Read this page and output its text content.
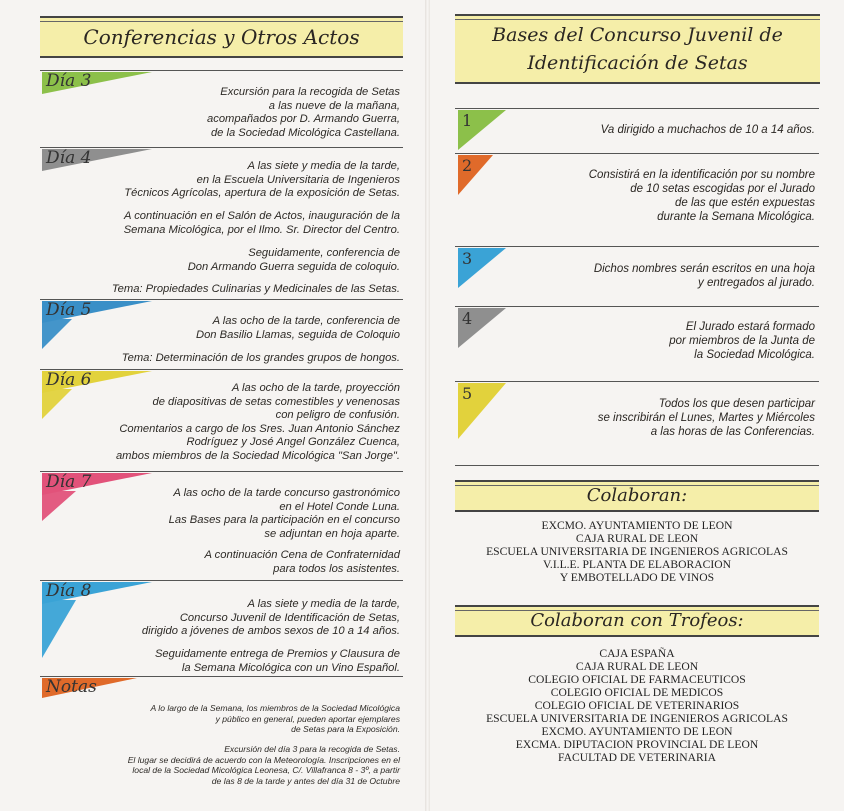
Conferencias y Otros Actos	Bases del Concurso Juvenil de
Identificación de Setas
Día 3

Excursión para la recogida de Setas
a las nueve de la mañana,
acompañados por D. Armando Guerra,
de la Sociedad Micológica Castellana.

Día 4	A las siete y media de la tarde,
en la Escuela Universitaria de Ingenieros
Técnicos Agrícolas, apertura de la exposición de Setas.

A continuación en el Salón de Actos, inauguración de la
Semana Micológica, por el Ilmo. Sr. Director del Centro.

Seguidamente, conferencia de
Don Armando Guerra seguida de coloquio.

Tema: Propiedades Culinarias y Medicinales de las Setas.

Día 5

A las ocho de la tarde, conferencia de
Don Basilio Llamas, seguida de Coloquio

Tema: Determinación de los grandes grupos de hongos.

Día 6	A las ocho de la tarde, proyección
de diapositivas de setas comestibles y venenosas
con peligro de confusión.
Comentarios a cargo de los Sres. Juan Antonio Sánchez
Rodríguez y José Angel González Cuenca,
ambos miembros de la Sociedad Micológica "San Jorge".

Día 7

A las ocho de la tarde concurso gastronómico
en el Hotel Conde Luna.
Las Bases para la participación en el concurso
se adjuntan en hoja aparte.

A continuación Cena de Confraternidad
para todos los asistentes.

Día 8

A las siete y media de la tarde,
Concurso Juvenil de Identificación de Setas,
dirigido a jóvenes de ambos sexos de 10 a 14 años.

Seguidamente entrega de Premios y Clausura de
la Semana Micológica con un Vino Español.

Notas

A lo largo de la Semana, los miembros de la Sociedad Micológica
y público en general, pueden aportar ejemplares
de Setas para la Exposición.

Excursión del día 3 para la recogida de Setas.
El lugar se decidirá de acuerdo con la Meteorología. Inscripciones en el
local de la Sociedad Micológica Leonesa, C/. Villafranca 8 - 3º, a partir
de las 8 de la tarde y antes del día 31 de Octubre

1	Va dirigido a muchachos de 10 a 14 años.

2	Consistirá en la identificación por su nombre
de 10 setas escogidas por el Jurado
de las que estén expuestas
durante la Semana Micológica.

3

Dichos nombres serán escritos en una hoja
y entregados al jurado.

4	El Jurado estará formado
por miembros de la Junta de
la Sociedad Micológica.

5

Todos los que desen participar
se inscribirán el Lunes, Martes y Miércoles
a las horas de las Conferencias.

Colaboran:
EXCMO. AYUNTAMIENTO DE LEON
CAJA RURAL DE LEON
ESCUELA UNIVERSITARIA DE INGENIEROS AGRICOLAS
V.I.L.E. PLANTA DE ELABORACION
Y EMBOTELLADO DE VINOS
Colaboran con Trofeos:
CAJA ESPAÑA
CAJA RURAL DE LEON
COLEGIO OFICIAL DE FARMACEUTICOS
COLEGIO OFICIAL DE MEDICOS
COLEGIO OFICIAL DE VETERINARIOS
ESCUELA UNIVERSITARIA DE INGENIEROS AGRICOLAS
EXCMO. AYUNTAMIENTO DE LEON
EXCMA. DIPUTACION PROVINCIAL DE LEON
FACULTAD DE VETERINARIA
